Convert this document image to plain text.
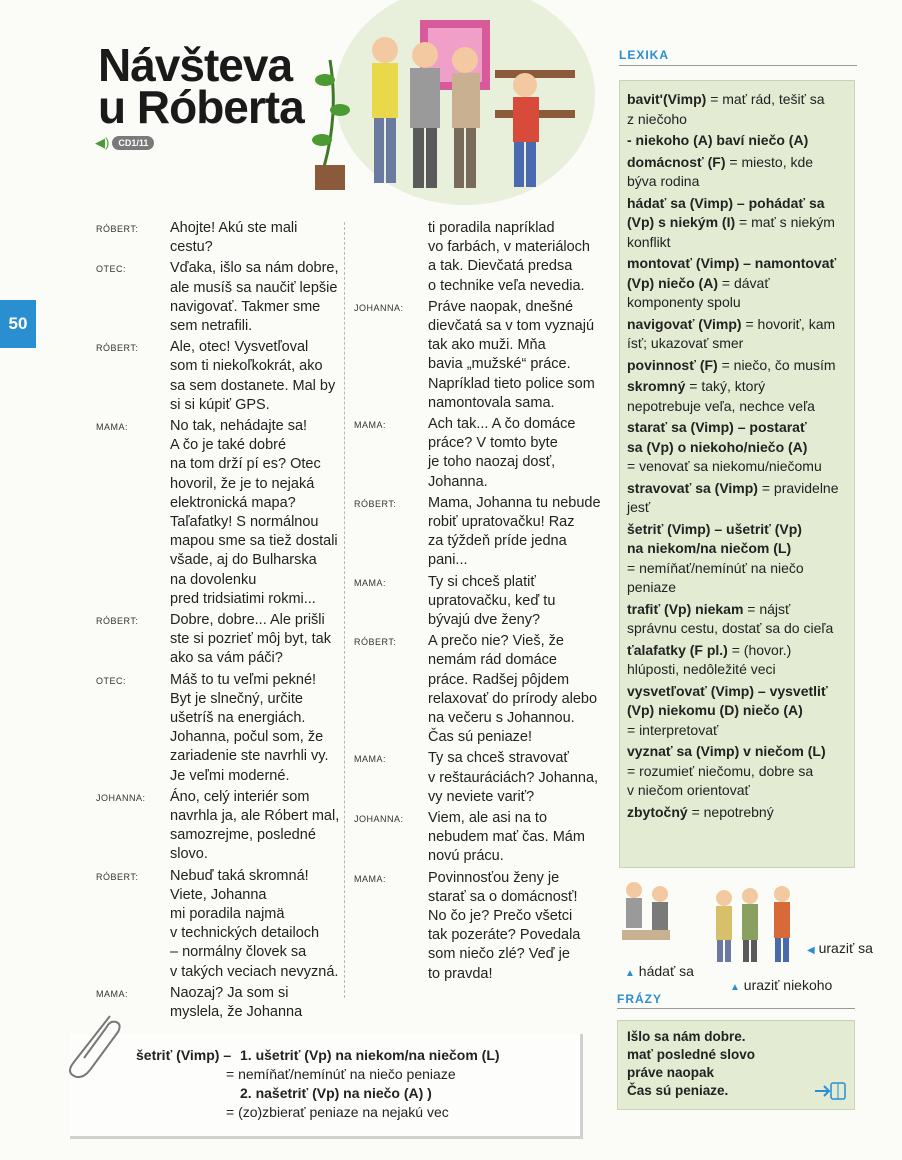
Návšteva
u Róberta
◀)	CD1/11
50
RÓBERT: Ahojte! Akú ste mali
cestu?
OTEC:	Vďaka, išlo sa nám dobre,
ale musíš sa naučiť lepšie
navigovať. Takmer sme
sem netrafili.
RÓBERT: Ale, otec! Vysvetľoval
som ti niekoľkokrát, ako
sa sem dostanete. Mal by
si si kúpiť GPS.
MAMA:	No tak, nehádajte sa!
A čo je také dobré
na tom drží pí es? Otec
hovoril, že je to nejaká
elektronická mapa?
Taľafatky! S normálnou
mapou sme sa tiež dostali
všade, aj do Bulharska
na dovolenku
pred tridsiatimi rokmi...
RÓBERT: Dobre, dobre... Ale prišli
ste si pozrieť môj byt, tak
ako sa vám páči?
OTEC:	Máš to tu veľmi pekné!
Byt je slnečný, určite
ušetríš na energiách.
Johanna, počul som, že
zariadenie ste navrhli vy.
Je veľmi moderné.
JOHANNA: Áno, celý interiér som
navrhla ja, ale Róbert mal,
samozrejme, posledné
slovo.
RÓBERT: Nebuď taká skromná!
Viete, Johanna
mi poradila najmä
v technických detailoch
– normálny človek sa
v takých veciach nevyzná.
MAMA:	Naozaj? Ja som si
myslela, že Johanna
ti poradila napríklad
vo farbách, v materiáloch
a tak. Dievčatá predsa
o technike veľa nevedia.
JOHANNA: Práve naopak, dnešné
dievčatá sa v tom vyznajú
tak ako muži. Mňa
bavia „mužské“ práce.
Napríklad tieto police som
namontovala sama.
MAMA:	Ach tak... A čo domáce
práce? V tomto byte
je toho naozaj dosť,
Johanna.
RÓBERT: Mama, Johanna tu nebude
robiť upratovačku! Raz
za týždeň príde jedna
pani...
MAMA:	Ty si chceš platiť
upratovačku, keď tu
bývajú dve ženy?
RÓBERT: A prečo nie? Vieš, že
nemám rád domáce
práce. Radšej pôjdem
relaxovať do prírody alebo
na večeru s Johannou.
Čas sú peniaze!
MAMA:	Ty sa chceš stravovať
v reštauráciách? Johanna,
vy neviete variť?
JOHANNA: Viem, ale asi na to
nebudem mať čas. Mám
novú prácu.
MAMA:	Povinnosťou ženy je
starať sa o domácnosť!
No čo je? Prečo všetci
tak pozeráte? Povedala
som niečo zlé? Veď je
to pravda!
LEXIKA
bavit'(Vimp) = mať rád, tešiť sa
z niečoho
- niekoho (A) baví niečo (A)
domácnosť (F) = miesto, kde
býva rodina
hádať sa (Vimp) – pohádať sa
(Vp) s niekým (I) = mať s niekým
konflikt
montovať (Vimp) – namontovať
(Vp) niečo (A) = dávať
komponenty spolu
navigovať (Vimp) = hovoriť, kam
ísť; ukazovať smer
povinnosť (F) = niečo, čo musím
skromný = taký, ktorý
nepotrebuje veľa, nechce veľa
starať sa (Vimp) – postarať
sa (Vp) o niekoho/niečo (A)
= venovať sa niekomu/niečomu
stravovať sa (Vimp) = pravidelne
jesť
šetriť (Vimp) – ušetriť (Vp)
na niekom/na niečom (L)
= nemíňať/nemínúť na niečo
peniaze
trafiť (Vp) niekam = nájsť
správnu cestu, dostať sa do cieľa
ťalafatky (F pl.) = (hovor.)
hlúposti, nedôležité veci
vysvetľovať (Vimp) – vysvetliť
(Vp) niekomu (D) niečo (A)
= interpretovať
vyznať sa (Vimp) v niečom (L)
= rozumieť niečomu, dobre sa
v niečom orientovať
zbytočný = nepotrebný
▲ hádať sa
▲ uraziť niekoho
◀ uraziť sa
FRÁZY
Išlo sa nám dobre.
mať posledné slovo
práve naopak
Čas sú peniaze.
šetriť (Vimp) – 1. ušetriť (Vp) na niekom/na niečom (L)
= nemíňať/nemínúť na niečo peniaze
2. našetriť (Vp) na niečo (A) )
= (zo)zbierať peniaze na nejakú vec
